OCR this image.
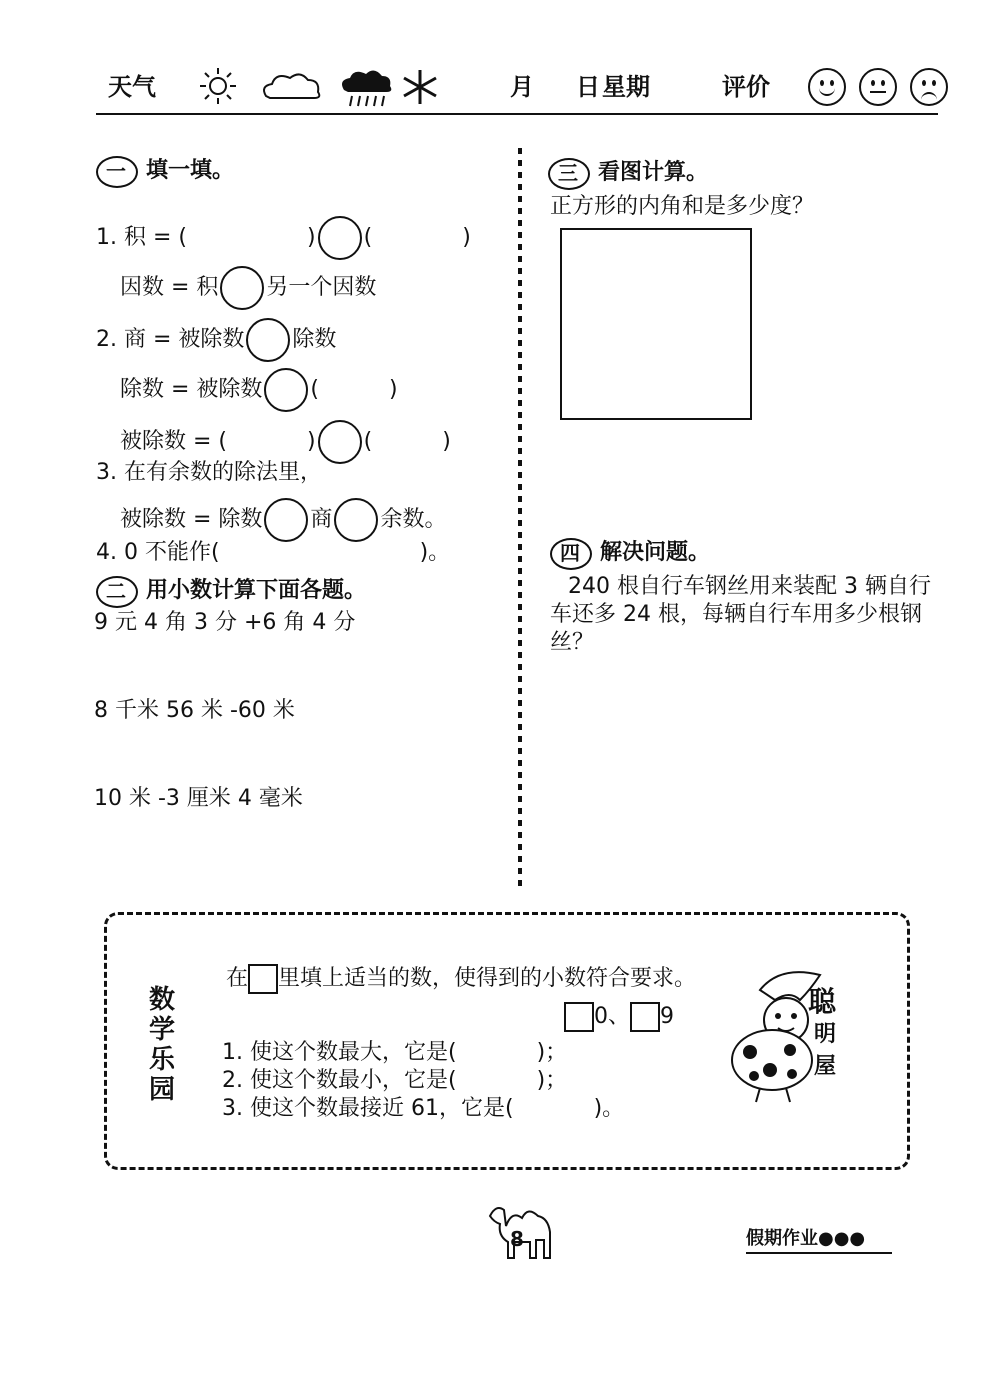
天气	月 日 星期	评价

一 填一填。
1. 积 = (	) (	)
因数 = 积 另一个因数
2. 商 = 被除数 除数
除数 = 被除数 (	)
被除数 = (	) (	)
3. 在有余数的除法里，
被除数 = 除数 商 余数。
4. 0 不能作(	)。
二 用小数计算下面各题。
9 元 4 角 3 分 +6 角 4 分
8 千米 56 米 -60 米
10 米 -3 厘米 4 毫米
三 看图计算。
正方形的内角和是多少度？
四 解决问题。
240 根自行车钢丝用来装配 3 辆自行
车还多 24 根，每辆自行车用多少根钢
丝？
数
学
乐
园
在 里填上适当的数，使得到的小数符合要求。
0、 9
1. 使这个数最大，它是(	)；
2. 使这个数最小，它是(	)；
3. 使这个数最接近 61，它是(	)。
聪
明
屋
8	假期作业●●●
